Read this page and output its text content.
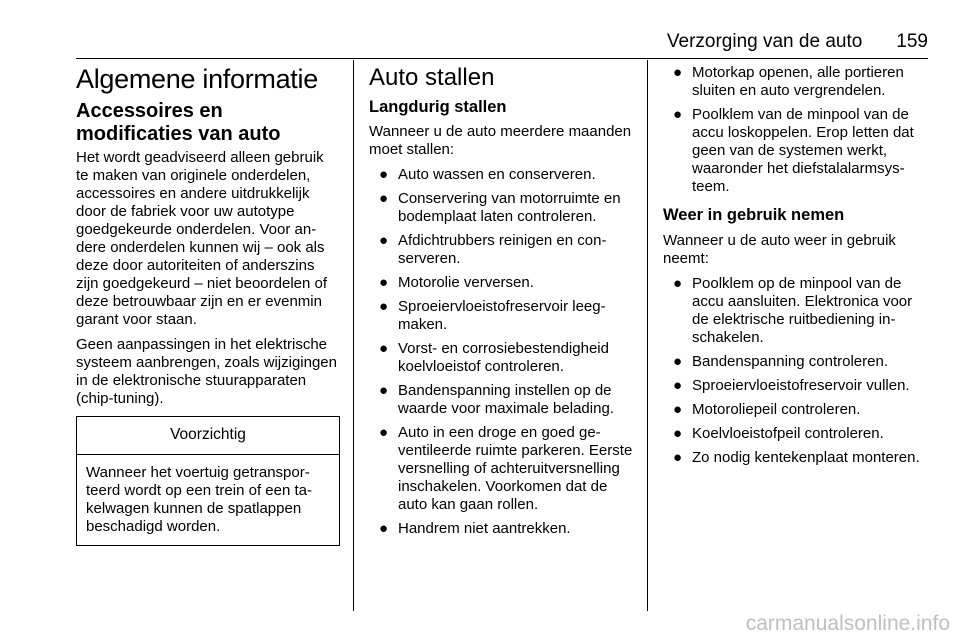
Verzorging van de auto 159
Algemene informatie
Accessoires en modificaties van auto

Het wordt geadviseerd alleen gebruik te maken van originele onderdelen, accessoires en andere uitdrukkelijk door de fabriek voor uw autotype goedgekeurde onderdelen. Voor andere onderdelen kunnen wij – ook als deze door autoriteiten of anderszins zijn goedgekeurd – niet beoordelen of deze betrouwbaar zijn en er evenmin garant voor staan.

Geen aanpassingen in het elektrische systeem aanbrengen, zoals wijzigingen in de elektronische stuurapparaten (chip-tuning).

Voorzichtig
Wanneer het voertuig getransporteerd wordt op een trein of een takelwagen kunnen de spatlappen beschadigd worden.
Auto stallen
Langdurig stallen

Wanneer u de auto meerdere maanden moet stallen:

● Auto wassen en conserveren.
● Conservering van motorruimte en bodemplaat laten controleren.
● Afdichtrubbers reinigen en conserveren.
● Motorolie verversen.
● Sproeiervloeistofreservoir leegmaken.
● Vorst- en corrosiebestendigheid koelvloeistof controleren.
● Bandenspanning instellen op de waarde voor maximale belading.
● Auto in een droge en goed geventileerde ruimte parkeren. Eerste versnelling of achteruitversnelling inschakelen. Voorkomen dat de auto kan gaan rollen.
● Handrem niet aantrekken.
● Motorkap openen, alle portieren sluiten en auto vergrendelen.
● Poolklem van de minpool van de accu loskoppelen. Erop letten dat geen van de systemen werkt, waaronder het diefstalalarmsysteem.
Weer in gebruik nemen

Wanneer u de auto weer in gebruik neemt:

● Poolklem op de minpool van de accu aansluiten. Elektronica voor de elektrische ruitbediening inschakelen.
● Bandenspanning controleren.
● Sproeiervloeistofreservoir vullen.
● Motoroliepeil controleren.
● Koelvloeistofpeil controleren.
● Zo nodig kentekenplaat monteren.
carmanualsonline.info
